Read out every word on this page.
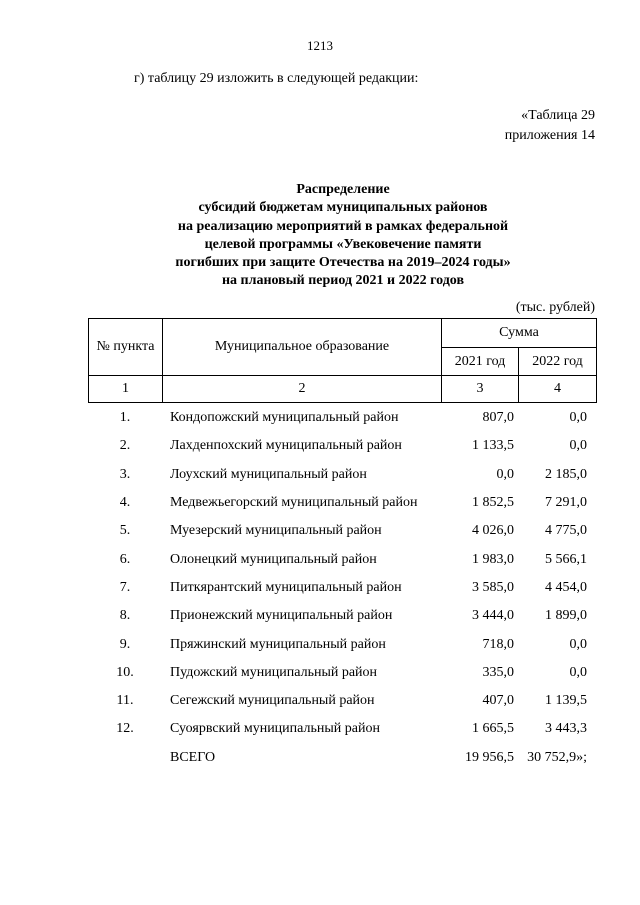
1213
г) таблицу 29 изложить в следующей редакции:
«Таблица 29
приложения 14
Распределение
субсидий бюджетам муниципальных районов
на реализацию мероприятий в рамках федеральной
целевой программы «Увековечение памяти
погибших при защите Отечества на 2019–2024 годы»
на плановый период 2021 и 2022 годов
(тыс. рублей)
№ пункта	Муниципальное образование	Сумма	
		2021 год	2022 год
1	2	3	4
1.	Кондопожский муниципальный район	807,0	0,0
2.	Лахденпохский муниципальный район	1 133,5	0,0
3.	Лоухский муниципальный район	0,0	2 185,0
4.	Медвежьегорский муниципальный район	1 852,5	7 291,0
5.	Муезерский муниципальный район	4 026,0	4 775,0
6.	Олонецкий муниципальный район	1 983,0	5 566,1
7.	Питкярантский муниципальный район	3 585,0	4 454,0
8.	Прионежский муниципальный район	3 444,0	1 899,0
9.	Пряжинский муниципальный район	718,0	0,0
10.	Пудожский муниципальный район	335,0	0,0
11.	Сегежский муниципальный район	407,0	1 139,5
12.	Суоярвский муниципальный район	1 665,5	3 443,3
	ВСЕГО	19 956,5	30 752,9»;
